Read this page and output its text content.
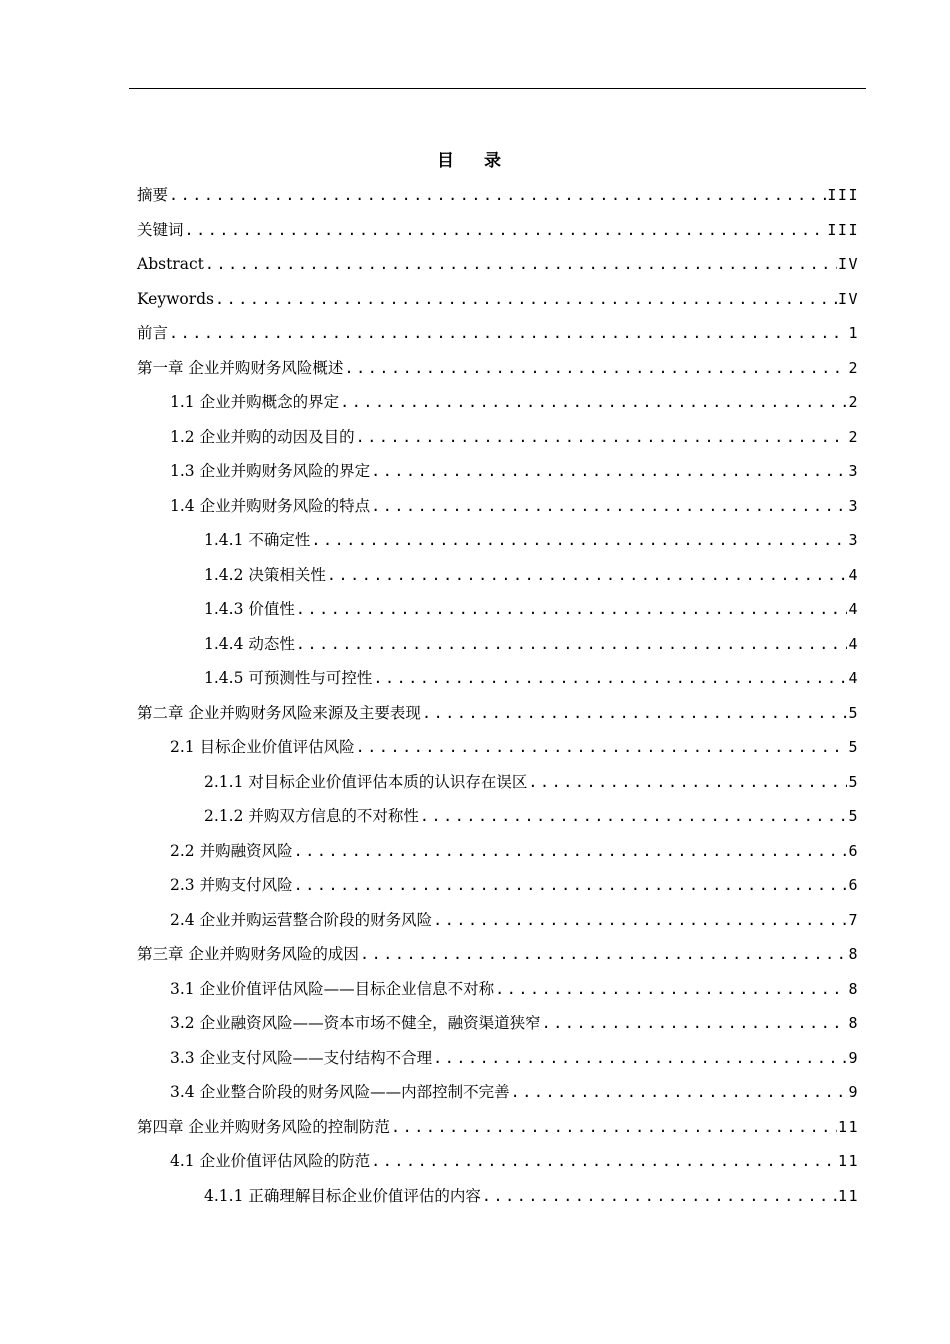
目 录
摘要 .....	III
关键词 .....	III
Abstract .....	IV
Keywords .....	IV
前言 .....	1
第一章 企业并购财务风险概述 .....	2
1.1 企业并购概念的界定 .....	2
1.2 企业并购的动因及目的 .....	2
1.3 企业并购财务风险的界定 .....	3
1.4 企业并购财务风险的特点 .....	3
1.4.1 不确定性 .....	3
1.4.2 决策相关性 .....	4
1.4.3 价值性 .....	4
1.4.4 动态性 .....	4
1.4.5 可预测性与可控性 .....	4
第二章 企业并购财务风险来源及主要表现 .....	5
2.1 目标企业价值评估风险 .....	5
2.1.1 对目标企业价值评估本质的认识存在误区 .....	5
2.1.2 并购双方信息的不对称性 .....	5
2.2 并购融资风险 .....	6
2.3 并购支付风险 .....	6
2.4 企业并购运营整合阶段的财务风险 .....	7
第三章 企业并购财务风险的成因 .....	8
3.1 企业价值评估风险——目标企业信息不对称 .....	8
3.2 企业融资风险——资本市场不健全，融资渠道狭窄 .....	8
3.3 企业支付风险——支付结构不合理 .....	9
3.4 企业整合阶段的财务风险——内部控制不完善 .....	9
第四章 企业并购财务风险的控制防范 .....	11
4.1 企业价值评估风险的防范 .....	11
4.1.1 正确理解目标企业价值评估的内容 .....	11
